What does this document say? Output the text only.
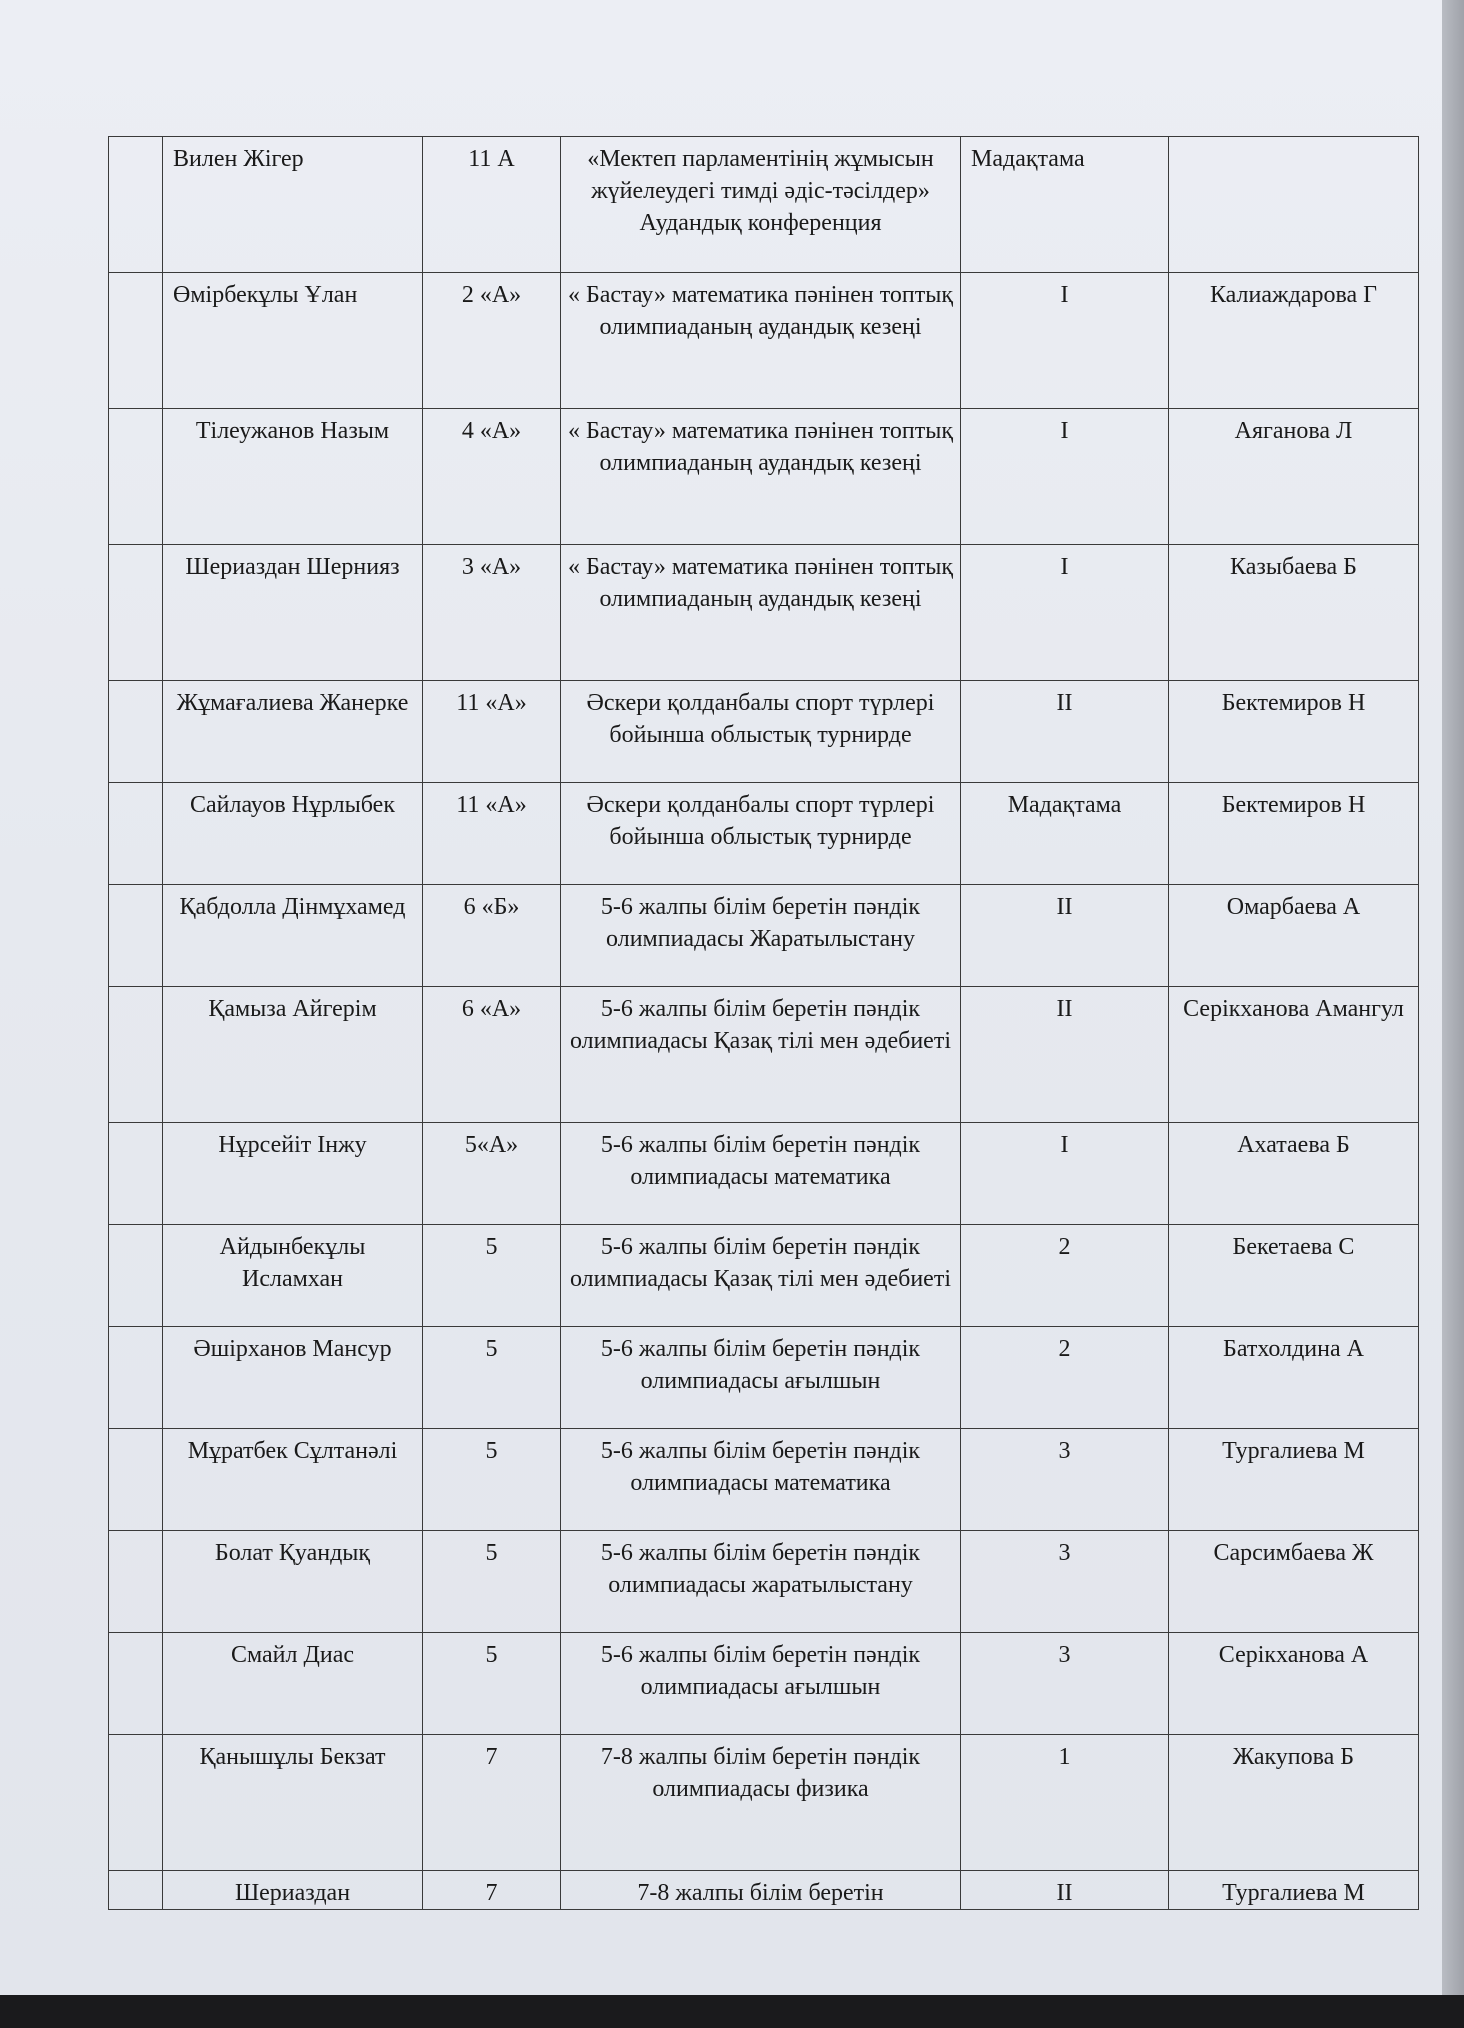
	Вилен Жігер	11 А	«Мектеп парламентінің жұмысын жүйелеудегі тимді әдіс-тәсілдер» Аудандық конференция	Мадақтама	
	Өмірбекұлы Ұлан	2 «А»	« Бастау» математика пәнінен топтық олимпиаданың аудандық кезеңі	I	Калиаждарова Г
	Тілеужанов Назым	4 «А»	« Бастау» математика пәнінен топтық олимпиаданың аудандық кезеңі	I	Аяганова Л
	Шериаздан Шернияз	3 «А»	« Бастау» математика пәнінен топтық олимпиаданың аудандық кезеңі	I	Казыбаева Б
	Жұмағалиева Жанерке	11 «А»	Әскери қолданбалы спорт түрлері бойынша облыстық турнирде	II	Бектемиров Н
	Сайлауов Нұрлыбек	11 «А»	Әскери қолданбалы спорт түрлері бойынша облыстық турнирде	Мадақтама	Бектемиров Н
	Қабдолла Дінмұхамед	6 «Б»	5-6 жалпы білім беретін пәндік олимпиадасы Жаратылыстану	II	Омарбаева А
	Қамыза Айгерім	6 «А»	5-6 жалпы білім беретін пәндік олимпиадасы Қазақ тілі мен әдебиеті	II	Серікханова Амангул
	Нұрсейіт Інжу	5«А»	5-6 жалпы білім беретін пәндік олимпиадасы математика	I	Ахатаева Б
	Айдынбекұлы Исламхан	5	5-6 жалпы білім беретін пәндік олимпиадасы Қазақ тілі мен әдебиеті	2	Бекетаева С
	Әшірханов Мансур	5	5-6 жалпы білім беретін пәндік олимпиадасы ағылшын	2	Батхолдина А
	Мұратбек Сұлтанәлі	5	5-6 жалпы білім беретін пәндік олимпиадасы математика	3	Тургалиева М
	Болат Қуандық	5	5-6 жалпы білім беретін пәндік олимпиадасы жаратылыстану	3	Сарсимбаева Ж
	Смайл Диас	5	5-6 жалпы білім беретін пәндік олимпиадасы ағылшын	3	Серікханова А
	Қанышұлы Бекзат	7	7-8 жалпы білім беретін пәндік олимпиадасы физика	1	Жакупова Б
	Шериаздан	7	7-8 жалпы білім беретін	II	Тургалиева М
